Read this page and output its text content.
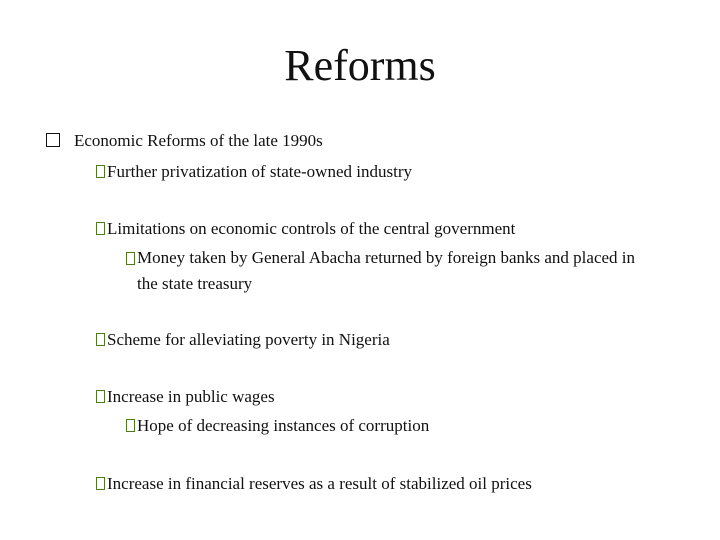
Reforms
Economic Reforms of the late 1990s
Further privatization of state-owned industry
Limitations on economic controls of the central government
Money taken by General Abacha returned by foreign banks and placed in the state treasury
Scheme for alleviating poverty in Nigeria
Increase in public wages
Hope of decreasing instances of corruption
Increase in financial reserves as a result of stabilized oil prices
